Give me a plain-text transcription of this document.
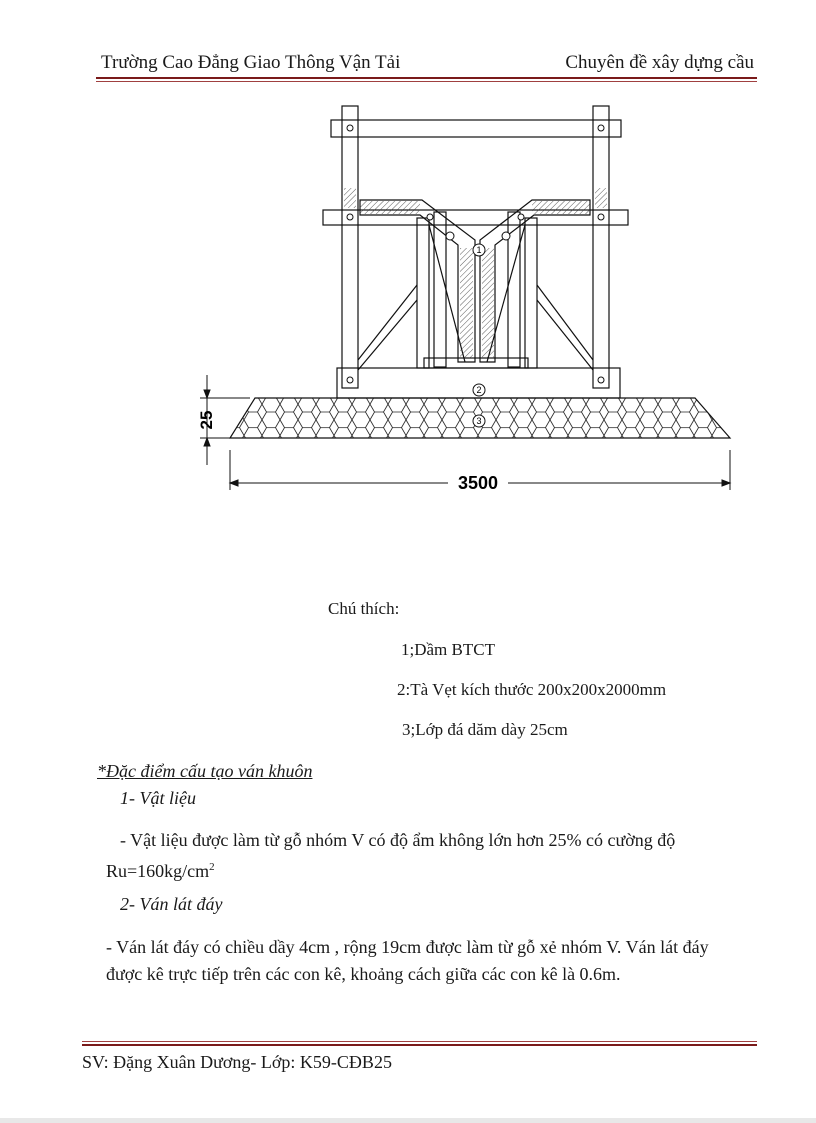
Trường Cao Đẳng Giao Thông Vận Tải	Chuyên đề xây dựng cầu
1
2
3
25
3500
Chú thích:
1;Dầm BTCT
2:Tà Vẹt kích thước 200x200x2000mm
3;Lớp đá dăm dày 25cm
*Đặc điểm cấu tạo ván khuôn
1- Vật liệu
- Vật liệu được làm từ gỗ nhóm V có độ ẩm không lớn hơn 25% có cường độ
$Ru=160kg/cm^2$
2- Ván lát đáy
- Ván lát đáy có chiều dầy 4cm , rộng 19cm được làm từ gỗ xẻ nhóm V. Ván lát đáy
được kê trực tiếp trên các con kê, khoảng cách giữa các con kê là 0.6m.
SV: Đặng Xuân Dương- Lớp: K59-CĐB25
